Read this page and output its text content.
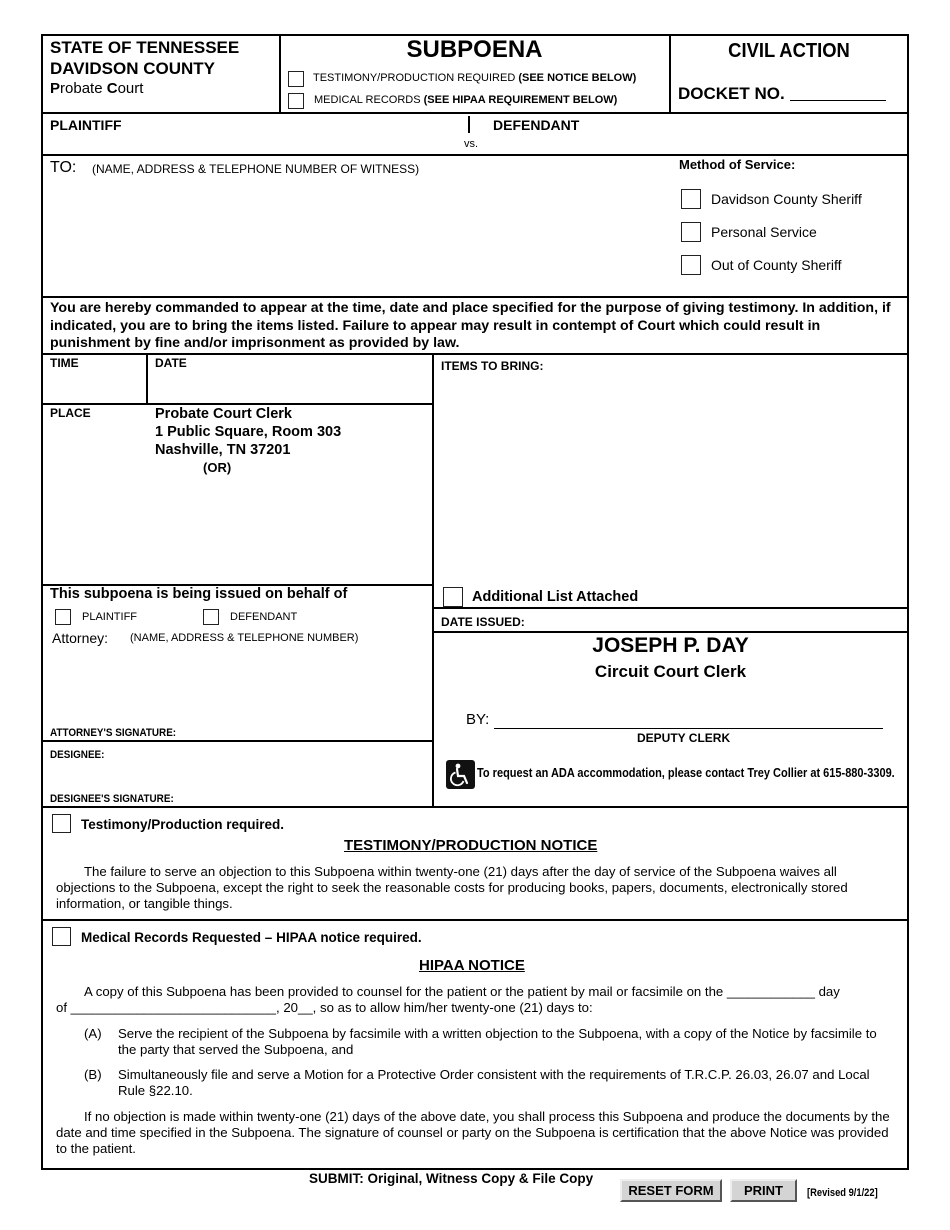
STATE OF TENNESSEE
DAVIDSON COUNTY
Probate Court
SUBPOENA
TESTIMONY/PRODUCTION REQUIRED (SEE NOTICE BELOW)
MEDICAL RECORDS (SEE HIPAA REQUIREMENT BELOW)
CIVIL ACTION
DOCKET NO.
PLAINTIFF	DEFENDANT
vs.
TO: (NAME, ADDRESS & TELEPHONE NUMBER OF WITNESS)	Method of Service:
Davidson County Sheriff
Personal Service
Out of County Sheriff
You are hereby commanded to appear at the time, date and place specified for the purpose of giving testimony. In addition, if indicated, you are to bring the items listed. Failure to appear may result in contempt of Court which could result in punishment by fine and/or imprisonment as provided by law.
TIME	DATE	ITEMS TO BRING:
PLACE	Probate Court Clerk
1 Public Square, Room 303
Nashville, TN 37201
(OR)
This subpoena is being issued on behalf of
PLAINTIFF	DEFENDANT
Attorney: (NAME, ADDRESS & TELEPHONE NUMBER)
ATTORNEY'S SIGNATURE:
DESIGNEE:
DESIGNEE'S SIGNATURE:
Additional List Attached
DATE ISSUED:
JOSEPH P. DAY
Circuit Court Clerk
BY:
DEPUTY CLERK
To request an ADA accommodation, please contact Trey Collier at 615-880-3309.
Testimony/Production required.
TESTIMONY/PRODUCTION NOTICE
The failure to serve an objection to this Subpoena within twenty-one (21) days after the day of service of the Subpoena waives all objections to the Subpoena, except the right to seek the reasonable costs for producing books, papers, documents, electronically stored information, or tangible things.
Medical Records Requested – HIPAA notice required.
HIPAA NOTICE
A copy of this Subpoena has been provided to counsel for the patient or the patient by mail or facsimile on the ____________ day
of ____________________________, 20__, so as to allow him/her twenty-one (21) days to:
(A) Serve the recipient of the Subpoena by facsimile with a written objection to the Subpoena, with a copy of the Notice by facsimile to the party that served the Subpoena, and
(B) Simultaneously file and serve a Motion for a Protective Order consistent with the requirements of T.R.C.P. 26.03, 26.07 and Local Rule §22.10.
If no objection is made within twenty-one (21) days of the above date, you shall process this Subpoena and produce the documents by the date and time specified in the Subpoena. The signature of counsel or party on the Subpoena is certification that the above Notice was provided to the patient.
SUBMIT: Original, Witness Copy & File Copy
RESET FORM	PRINT	[Revised 9/1/22]
